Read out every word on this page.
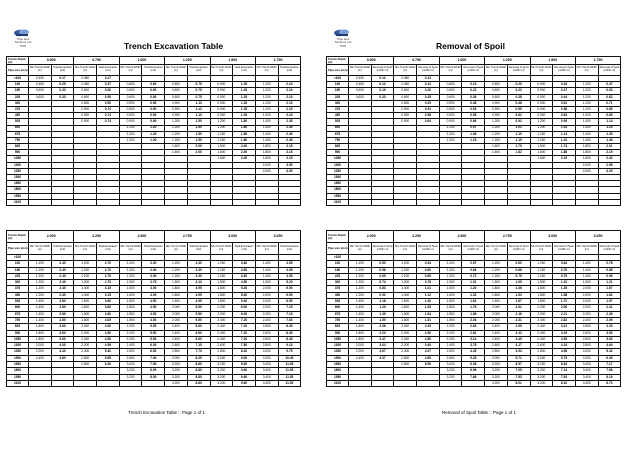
Pipe and
Sections Ltd
PSS	Trench Excavation Table
Trench Depth (m)	0.500		0.750		1.000		1.250		1.500		1.750	
Pipe size (mm)	Min Trench Width (m)	Total Excavation (m3)	Min Trench Width (m)	Total Excavation (m3)	Min Trench Width (m)	Total Excavation (m3)	Min Trench Width (m)	Total Excavation (m3)	Min Trench Width (m)	Total Excavation (m3)	Min Trench Width (m)	Total Excavation (m3)
<100	0.330	0.17	0.450	0.27								
100	0.450	0.25	0.450	0.37	0.600	0.60	0.600	0.75	0.900	1.35	1.200	2.10
150	0.600	0.33	0.600	0.50	0.600	0.60	0.600	0.75	0.900	1.35	1.200	2.10
225	0.600	0.33	0.600	0.50	0.600	0.60	0.600	0.75	0.900	1.35	1.200	2.10
300			0.600	0.50	0.900	0.90	0.900	1.13	0.900	1.35	1.200	2.10
375			0.900	0.74	0.900	0.90	0.900	1.13	0.900	1.35	1.200	2.10
450			0.900	0.74	0.900	0.90	0.900	1.13	0.900	1.35	1.200	2.10
525			0.900	0.74	0.900	0.90	1.200	1.50	1.200	1.80	1.400	2.45
600					1.200	1.20	1.200	1.50	1.200	1.80	1.400	2.45
675					1.200	1.20	1.200	1.50	1.200	1.80	1.400	2.45
750					1.200	1.20	1.200	1.50	1.200	1.80	1.400	2.45
825							1.600	2.00	1.600	2.40	1.800	3.15
900							1.600	2.00	1.600	2.40	1.800	3.15
1050									1.600	2.40	1.800	3.15
1200											2.000	3.50
1350											2.000	3.50
1500												
1650												
1800												
1950												
2100												
Trench Depth (m)	2.000		2.250		2.500		2.750		3.000		3.250	
Pipe size (mm)	Min Trench Width (m)	Total Excavation (m3)	Min Trench Width (m)	Total Excavation (m3)	Min Trench Width (m)	Total Excavation (m3)	Min Trench Width (m)	Total Excavation (m3)	Min Trench Width (m)	Total Excavation (m3)	Min Trench Width (m)	Total Excavation (m3)
>100												
100	1.200	2.40	1.200	2.70	1.200	3.00	1.200	3.30	1.200	3.60	1.400	4.55
150	1.200	2.40	1.200	2.70	1.200	3.00	1.200	3.30	1.200	3.60	1.400	4.55
225	1.200	2.40	1.200	2.70	1.200	3.00	1.200	3.30	1.200	3.60	1.400	4.55
300	1.200	2.40	1.200	2.70	1.500	3.75	1.500	4.13	1.500	4.50	1.600	5.20
375	1.200	2.40	1.400	3.15	1.600	4.00	1.800	4.95	1.800	5.40	2.000	6.50
450	1.200	2.40	1.400	3.15	1.600	4.00	1.800	4.95	1.800	5.40	2.000	6.50
525	1.400	2.80	1.600	3.60	1.800	4.50	1.800	4.95	1.800	5.40	2.000	6.50
600	1.400	2.80	1.600	3.60	1.800	4.50	2.000	5.50	2.000	6.00	2.200	7.15
675	1.400	2.80	1.600	3.60	1.800	4.50	2.000	5.50	2.000	6.00	2.200	7.15
750	1.400	2.80	1.800	4.05	1.800	4.50	2.000	5.50	2.400	7.20	2.400	7.80
825	1.800	3.60	2.000	4.50	2.200	5.50	2.400	6.60	2.400	7.20	2.600	8.45
900	1.800	3.60	2.000	4.50	2.200	5.50	2.400	6.60	2.400	7.20	2.600	8.45
1050	1.800	3.60	2.000	4.50	2.200	5.50	2.400	6.60	2.400	7.20	2.600	8.45
1200	2.000	4.00	2.200	4.95	2.400	6.00	2.600	7.15	2.600	7.80	2.800	9.10
1350	2.200	4.40	2.400	5.40	2.600	6.50	2.800	7.70	2.800	8.40	3.000	9.75
1500	2.400	4.80	2.600	5.85	2.800	7.00	3.000	8.25	3.000	9.00	3.200	10.40
1650			2.800	6.30	3.000	7.50	3.200	8.80	3.200	9.60	3.400	11.05
1800					3.200	8.00	3.200	8.80	3.200	9.60	3.400	11.05
1950					3.200	8.00	3.200	8.80	3.200	9.60	3.400	11.05
2100							3.200	8.80	3.200	9.60	3.400	11.05
Trench Excavation Table :: Page 1 of 1
Pipe and
Sections Ltd
PSS	Removal of Spoil
Trench Depth (m)	0.500		0.750		1.000		1.250		1.500		1.750	
Pipe size (mm)	Min Trench Width (m)	Removal of Spoil (m3/lin m)	Min Trench Width (m)	Removal of Spoil (m3/lin m)	Min Trench Width (m)	Removal of Spoil (m3/lin m)	Min Trench Width (m)	Removal of Spoil (m3/lin m)	Min Trench Width (m)	Removal of Spoil (m3/lin m)	Min Trench Width (m)	Removal of Spoil (m3/lin m)
<100	0.330	0.12	0.450	0.13								
100	0.450	0.12	0.450	0.13	0.600	0.19	0.600	0.20	0.900	0.33	1.200	0.47
150	0.600	0.19	0.600	0.20	0.600	0.22	0.600	0.23	0.900	0.37	1.200	0.52
225	0.600	0.23	0.600	0.25	0.600	0.26	0.600	0.28	0.900	0.44	1.200	0.62
300			0.600	0.29	0.900	0.46	0.900	0.48	0.900	0.51	1.200	0.71
375			0.900	0.51	0.900	0.53	0.900	0.55	0.900	0.58	1.200	0.80
450			0.900	0.58	0.900	0.59	0.900	0.62	0.900	0.64	1.200	0.89
525			0.900	0.64	0.900	0.66	1.200	0.92	1.200	0.95	1.400	1.14
600					1.200	0.97	1.200	1.01	1.200	1.04	1.400	1.25
675					1.200	1.06	1.200	1.10	1.200	1.13	1.400	1.35
750					1.200	1.15	1.200	1.19	1.200	1.22	1.400	1.46
825							1.600	1.70	1.600	1.74	1.800	2.01
900							1.600	1.82	1.600	1.86	1.800	2.15
1050									1.600	2.10	1.800	2.42
1200											2.000	2.98
1350											2.000	3.29
1500												
1650												
1800												
1950												
2100												
Trench Depth (m)	2.000		2.250		2.500		2.750		3.000		3.250	
Pipe size (mm)	Min Trench Width (m)	Removal of Spoil (m3/lin m)	Min Trench Width (m)	Removal of Spoil (m3/lin m)	Min Trench Width (m)	Removal of Spoil (m3/lin m)	Min Trench Width (m)	Removal of Spoil (m3/lin m)	Min Trench Width (m)	Removal of Spoil (m3/lin m)	Min Trench Width (m)	Removal of Spoil (m3/lin m)
>100												
100	1.200	0.50	1.200	0.54	1.200	0.57	1.200	0.60	1.200	0.64	1.400	0.78
150	1.200	0.56	1.200	0.60	1.200	0.63	1.200	0.66	1.200	0.70	1.400	0.85
225	1.200	0.65	1.200	0.69	1.200	0.72	1.200	0.75	1.200	0.79	1.400	0.96
300	1.200	0.74	1.200	0.78	1.500	1.01	1.500	1.05	1.500	1.10	1.600	1.21
375	1.200	0.83	1.400	1.01	1.600	1.20	1.800	1.46	1.800	1.45	2.000	1.67
450	1.200	0.92	1.400	1.12	1.600	1.32	1.800	1.53	1.800	1.58	2.000	1.82
525	1.400	1.18	1.600	1.40	1.800	1.62	1.800	1.67	1.800	1.72	2.000	1.97
600	1.400	1.29	1.600	1.52	1.800	1.76	2.000	2.01	2.000	2.06	2.200	2.31
675	1.400	1.39	1.600	1.64	1.800	1.89	2.000	2.16	2.000	2.21	2.200	2.49
750	1.400	1.50	1.800	1.91	1.800	2.03	2.000	2.31	2.400	2.82	2.400	2.95
825	1.800	2.06	2.000	2.35	2.200	2.64	2.400	2.95	2.400	3.01	2.600	3.33
900	1.800	2.20	2.000	2.50	2.200	2.81	2.400	3.13	2.400	3.19	2.600	3.53
1050	1.800	2.47	2.000	2.80	2.200	3.14	2.400	3.49	2.400	3.55	2.600	3.92
1200	2.000	3.04	2.200	3.40	2.400	3.78	2.600	4.17	2.600	4.24	2.800	4.64
1350	2.200	3.67	2.400	4.07	2.600	4.49	2.800	4.93	2.800	4.98	3.000	5.42
1500	2.400	4.37	2.600	4.80	2.800	5.25	3.000	5.71	3.000	5.79	3.200	6.26
1650			2.800	5.59	3.000	6.08	3.200	6.57	3.200	6.63	3.400	7.17
1800					3.200	6.96	3.200	7.05	3.200	7.14	3.400	7.68
1950					3.200	7.66	3.200	7.53	3.200	7.62	3.400	8.19
2100							3.200	8.01	3.200	8.10	3.400	8.70
Removal of Spoil Table :: Page 1 of 1
